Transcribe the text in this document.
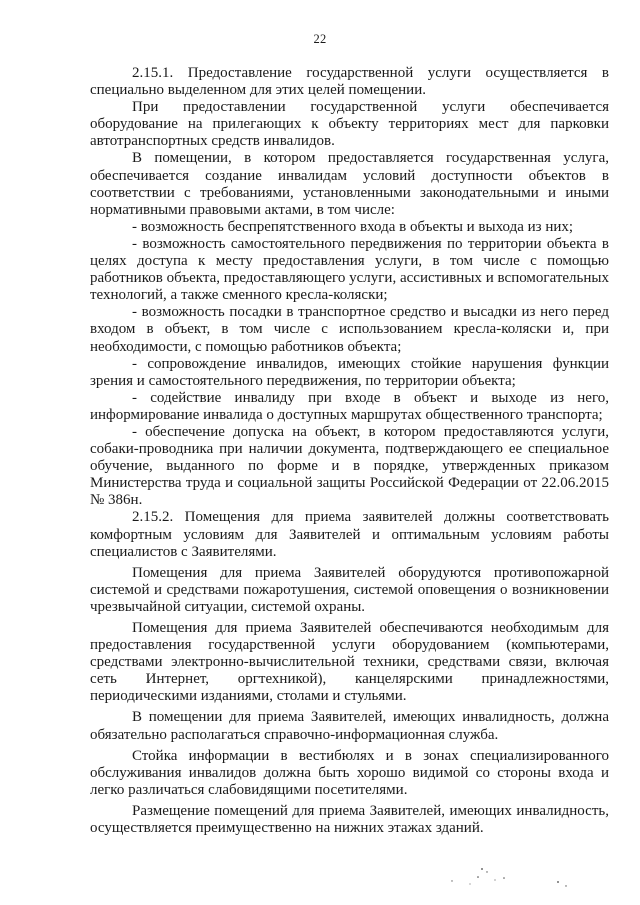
22

2.15.1. Предоставление государственной услуги осуществляется в специально выделенном для этих целей помещении.

При предоставлении государственной услуги обеспечивается оборудование на прилегающих к объекту территориях мест для парковки автотранспортных средств инвалидов.

В помещении, в котором предоставляется государственная услуга, обеспечивается создание инвалидам условий доступности объектов в соответствии с требованиями, установленными законодательными и иными нормативными правовыми актами, в том числе:

- возможность беспрепятственного входа в объекты и выхода из них;

- возможность самостоятельного передвижения по территории объекта в целях доступа к месту предоставления услуги, в том числе с помощью работников объекта, предоставляющего услуги, ассистивных и вспомогательных технологий, а также сменного кресла-коляски;

- возможность посадки в транспортное средство и высадки из него перед входом в объект, в том числе с использованием кресла-коляски и, при необходимости, с помощью работников объекта;

- сопровождение инвалидов, имеющих стойкие нарушения функции зрения и самостоятельного передвижения, по территории объекта;

- содействие инвалиду при входе в объект и выходе из него, информирование инвалида о доступных маршрутах общественного транспорта;

- обеспечение допуска на объект, в котором предоставляются услуги, собаки-проводника при наличии документа, подтверждающего ее специальное обучение, выданного по форме и в порядке, утвержденных приказом Министерства труда и социальной защиты Российской Федерации от 22.06.2015 № 386н.

2.15.2. Помещения для приема заявителей должны соответствовать комфортным условиям для Заявителей и оптимальным условиям работы специалистов с Заявителями.

Помещения для приема Заявителей оборудуются противопожарной системой и средствами пожаротушения, системой оповещения о возникновении чрезвычайной ситуации, системой охраны.

Помещения для приема Заявителей обеспечиваются необходимым для предоставления государственной услуги оборудованием (компьютерами, средствами электронно-вычислительной техники, средствами связи, включая сеть Интернет, оргтехникой), канцелярскими принадлежностями, периодическими изданиями, столами и стульями.

В помещении для приема Заявителей, имеющих инвалидность, должна обязательно располагаться справочно-информационная служба.

Стойка информации в вестибюлях и в зонах специализированного обслуживания инвалидов должна быть хорошо видимой со стороны входа и легко различаться слабовидящими посетителями.

Размещение помещений для приема Заявителей, имеющих инвалидность, осуществляется преимущественно на нижних этажах зданий.
